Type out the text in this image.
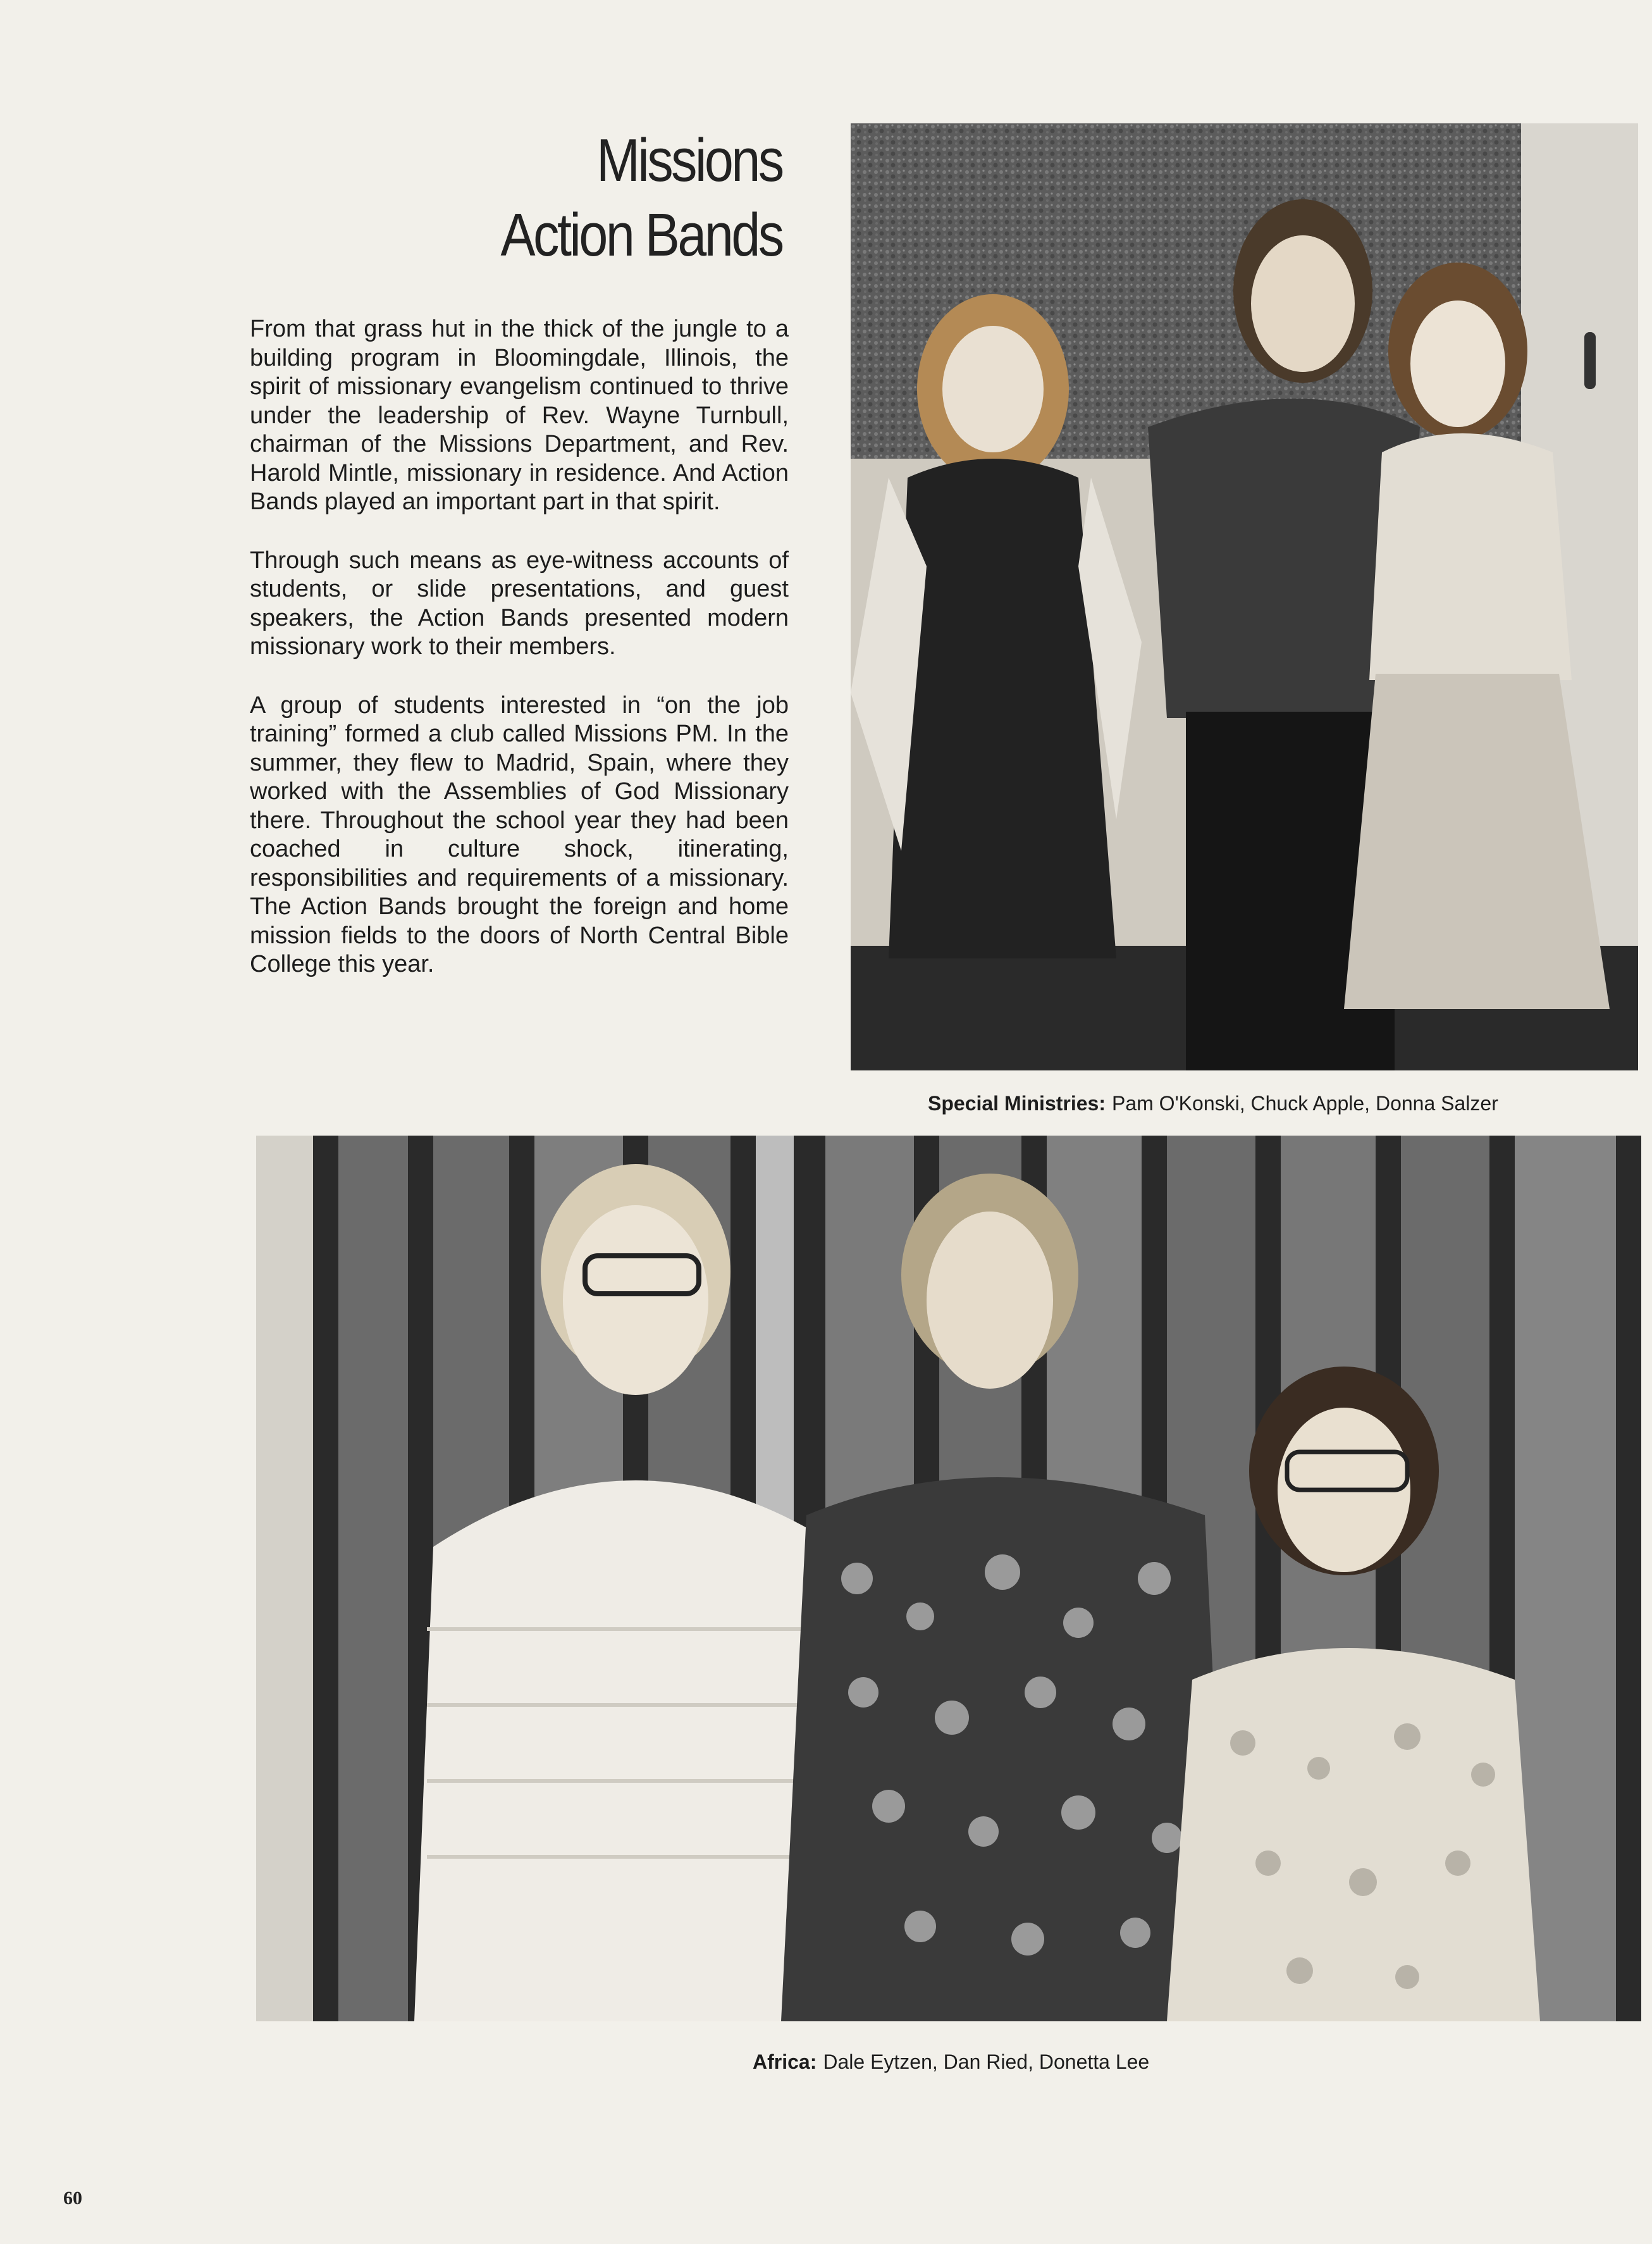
Missions
Action Bands

From that grass hut in the thick of the jungle to a building program in Bloomingdale, Illinois, the spirit of missionary evangelism continued to thrive under the leadership of Rev. Wayne Turnbull, chairman of the Missions Department, and Rev. Harold Mintle, missionary in residence. And Action Bands played an important part in that spirit.

Through such means as eye-witness accounts of students, or slide presentations, and guest speakers, the Action Bands presented modern missionary work to their members.

A group of students interested in “on the job training” formed a club called Missions PM. In the summer, they flew to Madrid, Spain, where they worked with the Assemblies of God Missionary there. Throughout the school year they had been coached in culture shock, itinerating, responsibilities and requirements of a missionary. The Action Bands brought the foreign and home mission fields to the doors of North Central Bible College this year.

Special Ministries: Pam O'Konski, Chuck Apple, Donna Salzer
Africa: Dale Eytzen, Dan Ried, Donetta Lee
60
